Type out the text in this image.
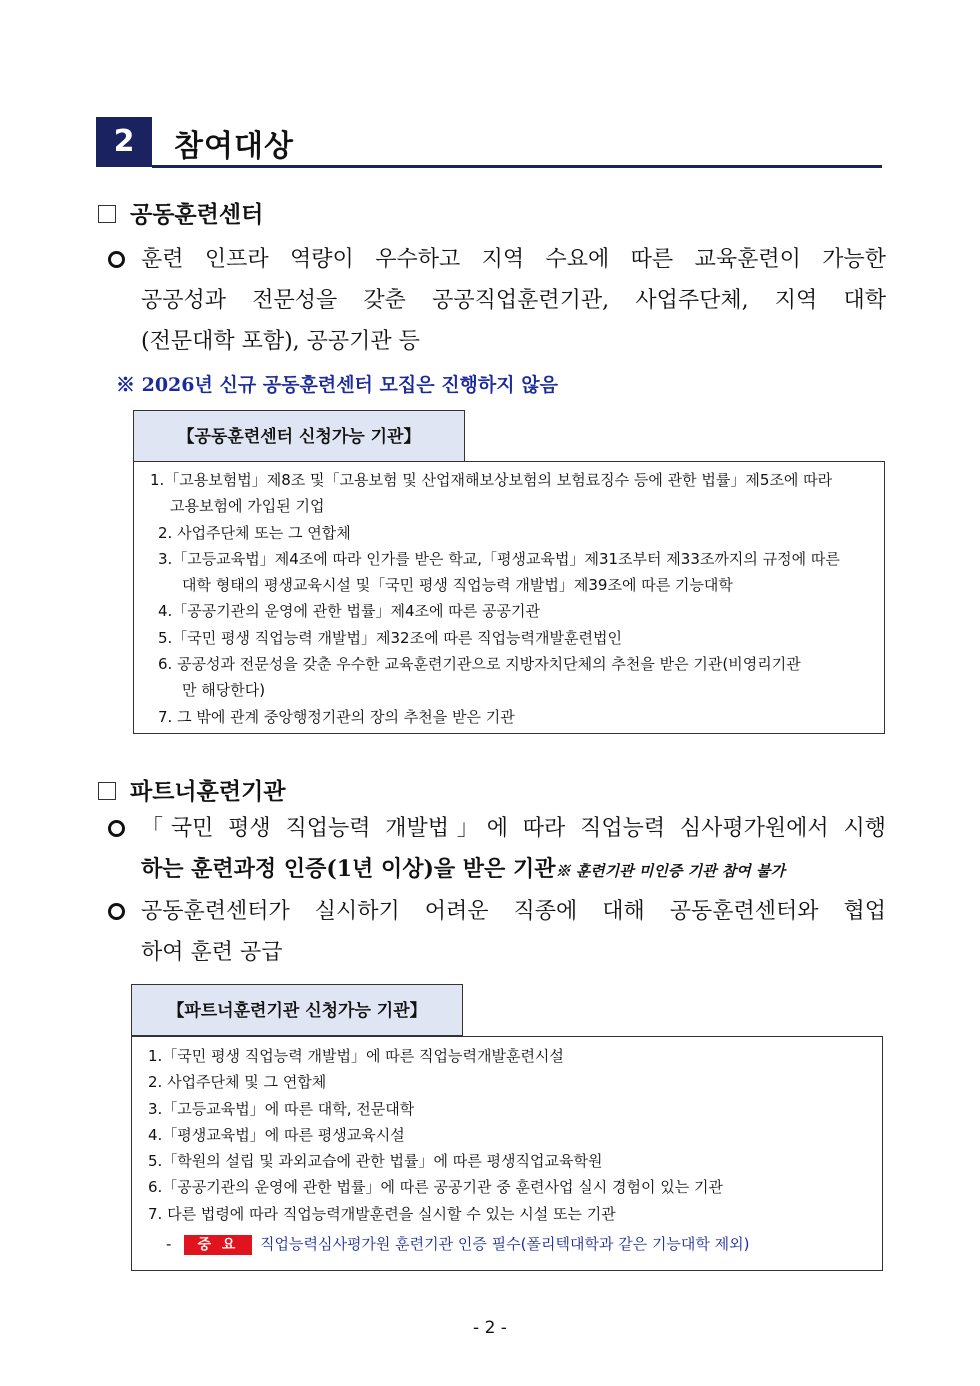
2	참여대상
공동훈련센터
훈련 인프라 역량이 우수하고 지역 수요에 따른 교육훈련이 가능한
공공성과 전문성을 갖춘 공공직업훈련기관, 사업주단체, 지역 대학
(전문대학 포함), 공공기관 등
※ 2026년 신규 공동훈련센터 모집은 진행하지 않음
【공동훈련센터 신청가능 기관】
1.「고용보험법」제8조 및「고용보험 및 산업재해보상보험의 보험료징수 등에 관한 법률」제5조에 따라
고용보험에 가입된 기업
2. 사업주단체 또는 그 연합체
3.「고등교육법」제4조에 따라 인가를 받은 학교,「평생교육법」제31조부터 제33조까지의 규정에 따른
대학 형태의 평생교육시설 및「국민 평생 직업능력 개발법」제39조에 따른 기능대학
4.「공공기관의 운영에 관한 법률」제4조에 따른 공공기관
5.「국민 평생 직업능력 개발법」제32조에 따른 직업능력개발훈련법인
6. 공공성과 전문성을 갖춘 우수한 교육훈련기관으로 지방자치단체의 추천을 받은 기관(비영리기관
만 해당한다)
7. 그 밖에 관계 중앙행정기관의 장의 추천을 받은 기관
파트너훈련기관
「국민 평생 직업능력 개발법」에 따라 직업능력 심사평가원에서 시행
하는 훈련과정 인증(1년 이상)을 받은 기관※ 훈련기관 미인증 기관 참여 불가
공동훈련센터가 실시하기 어려운 직종에 대해 공동훈련센터와 협업
하여 훈련 공급
【파트너훈련기관 신청가능 기관】
1.「국민 평생 직업능력 개발법」에 따른 직업능력개발훈련시설
2. 사업주단체 및 그 연합체
3.「고등교육법」에 따른 대학, 전문대학
4.「평생교육법」에 따른 평생교육시설
5.「학원의 설립 및 과외교습에 관한 법률」에 따른 평생직업교육학원
6.「공공기관의 운영에 관한 법률」에 따른 공공기관 중 훈련사업 실시 경험이 있는 기관
7. 다른 법령에 따라 직업능력개발훈련을 실시할 수 있는 시설 또는 기관
- 중 요 직업능력심사평가원 훈련기관 인증 필수(폴리텍대학과 같은 기능대학 제외)
- 2 -
